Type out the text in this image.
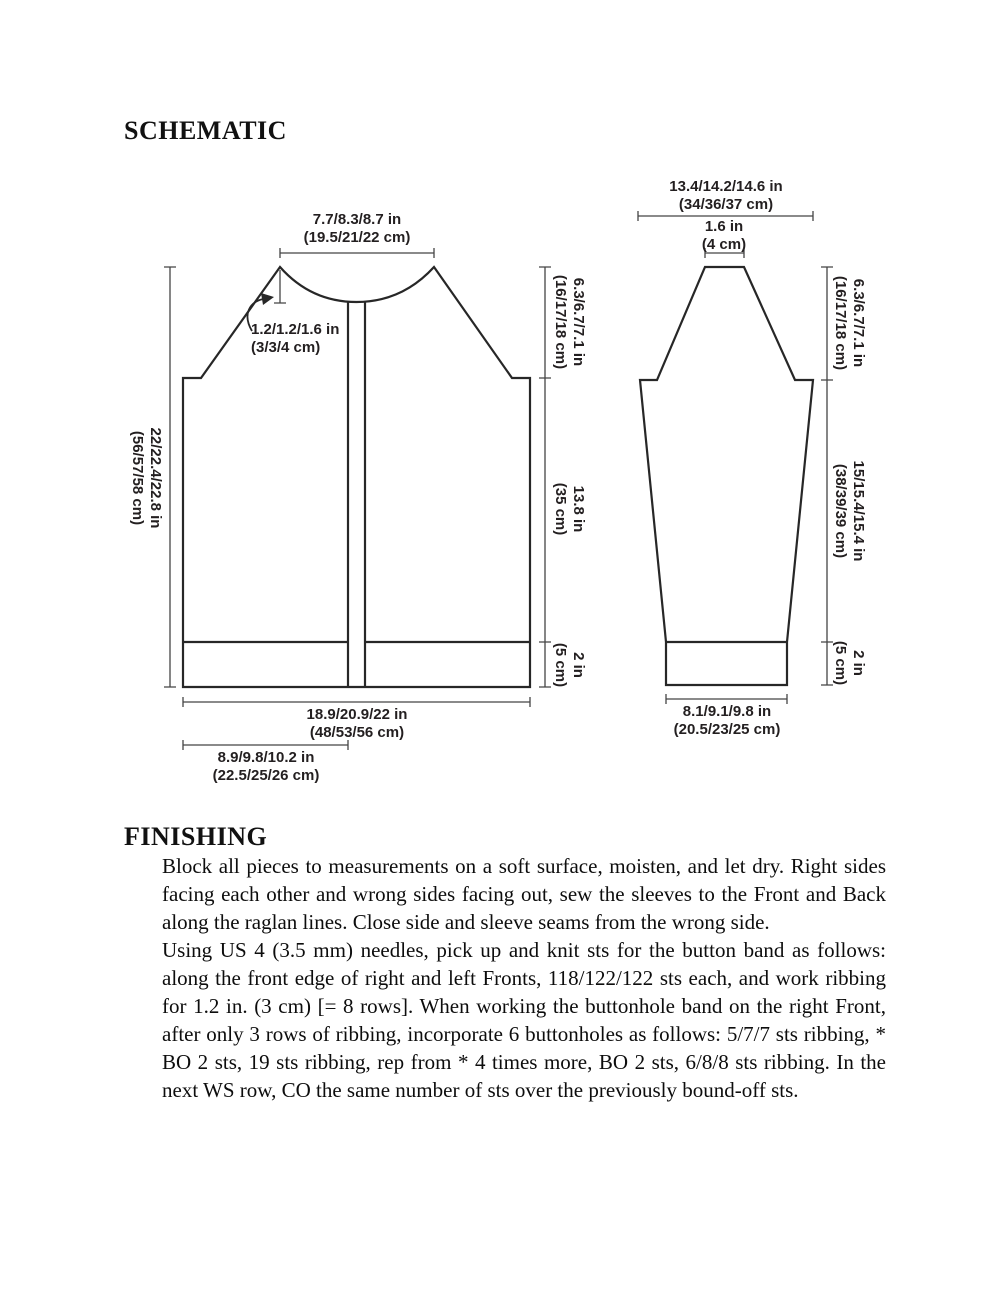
SCHEMATIC
7.7/8.3/8.7 in
(19.5/21/22 cm)
1.2/1.2/1.6 in
(3/3/4 cm)	6.3/6.7/7.1 in
(16/17/18 cm)
13.8 in
(35 cm)
2 in
(5 cm)
22/22.4/22.8 in
(56/57/58 cm)
18.9/20.9/22 in
(48/53/56 cm)
8.9/9.8/10.2 in
(22.5/25/26 cm)
13.4/14.2/14.6 in
(34/36/37 cm)
1.6 in
(4 cm)
6.3/6.7/7.1 in
(16/17/18 cm)
15/15.4/15.4 in
(38/39/39 cm)
2 in
(5 cm)
8.1/9.1/9.8 in
(20.5/23/25 cm)
FINISHING

Block all pieces to measurements on a soft surface, moisten, and let dry. Right sides facing each other and wrong sides facing out, sew the sleeves to the Front and Back along the raglan lines. Close side and sleeve seams from the wrong side.

Using US 4 (3.5 mm) needles, pick up and knit sts for the button band as follows: along the front edge of right and left Fronts, 118/122/122 sts each, and work ribbing for 1.2 in. (3 cm) [= 8 rows]. When working the buttonhole band on the right Front, after only 3 rows of ribbing, incorporate 6 buttonholes as follows: 5/7/7 sts ribbing, * BO 2 sts, 19 sts ribbing, rep from * 4 times more, BO 2 sts, 6/8/8 sts ribbing. In the next WS row, CO the same number of sts over the previously bound-off sts.
